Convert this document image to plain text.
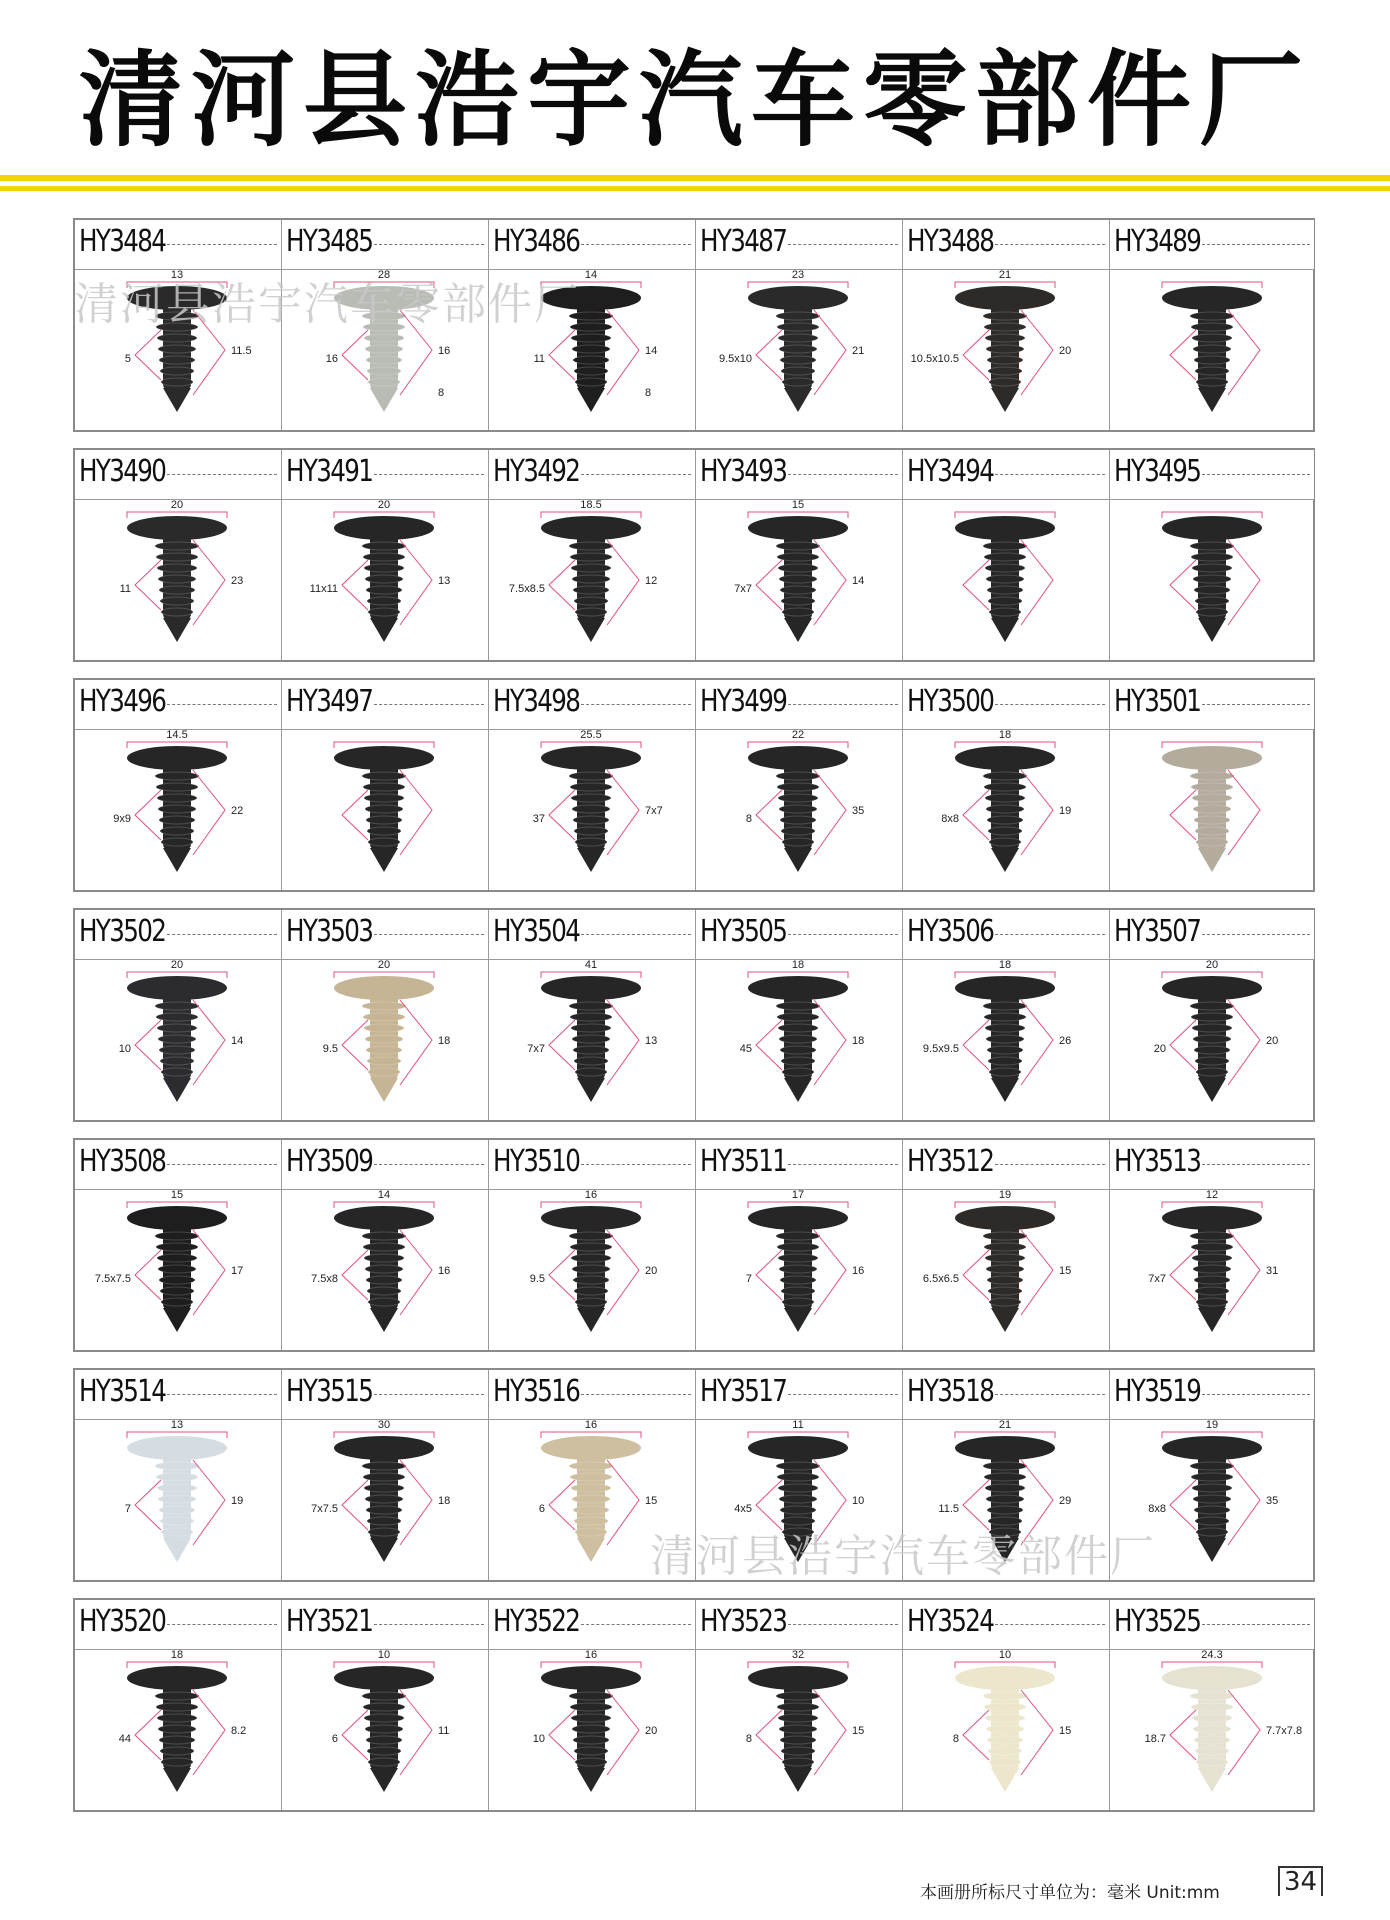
清河县浩宇汽车零部件厂
HY3484
13
11.5
5
HY3485
28
16
16
8
HY3486
14
14
11
8
HY3487
23
21
9.5x10
HY3488
21
20
10.5x10.5
HY3489
HY3490
20
23
11
HY3491
20
13
11x11
HY3492
18.5
12
7.5x8.5
HY3493
15
14
7x7
HY3494	HY3495
HY3496
14.5
22
9x9
HY3497	HY3498
25.5
7x7
37
HY3499
22
35
8
HY3500
18
19
8x8
HY3501
HY3502
20
14
10
HY3503
20
18
9.5
HY3504
41
13
7x7
HY3505
18
18
45
HY3506
18
26
9.5x9.5
HY3507
20
20
20
HY3508
15
17
7.5x7.5
HY3509
14
16
7.5x8
HY3510
16
20
9.5
HY3511
17
16
7
HY3512
19
15
6.5x6.5
HY3513
12
31
7x7
HY3514
13
19
7
HY3515
30
18
7x7.5
HY3516
16
15
6
HY3517
11
10
4x5
HY3518
21
29
11.5
HY3519
19
35
8x8
HY3520
18
8.2
44
HY3521
10
11
6
HY3522
16
20
10
HY3523
32
15
8
HY3524
10
15
8
HY3525
24.3
7.7x7.8
18.7
清河县浩宇汽车零部件厂
清河县浩宇汽车零部件厂
本画册所标尺寸单位为：毫米 Unit:mm 34
